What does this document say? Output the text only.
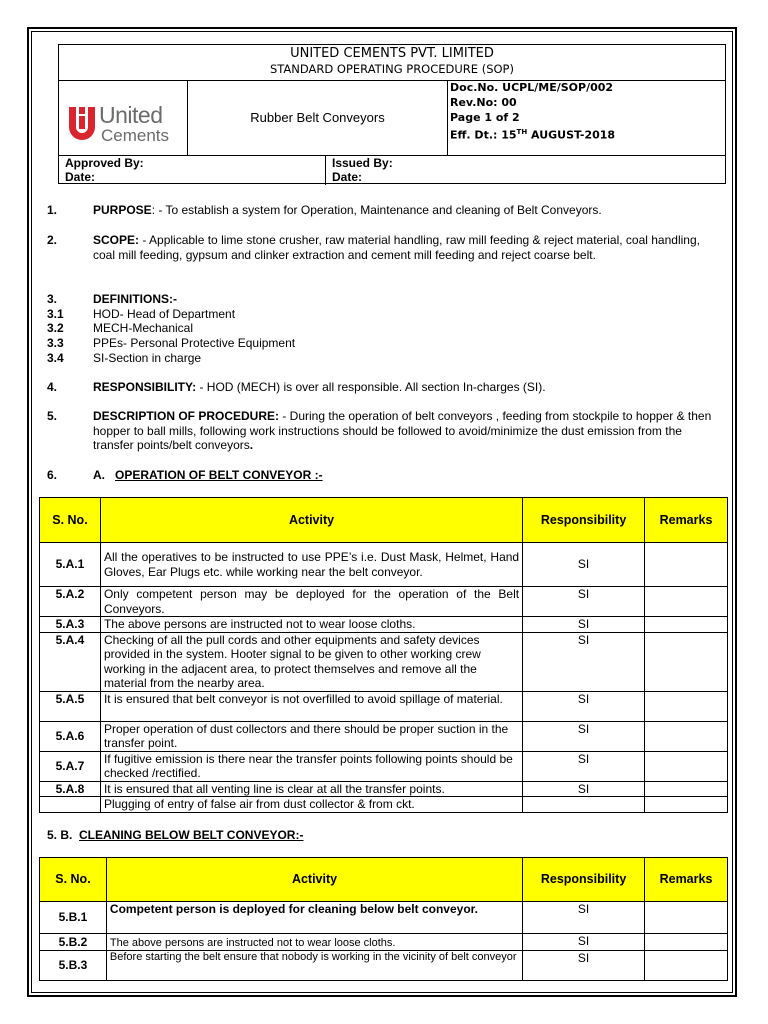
UNITED CEMENTS PVT. LIMITED
STANDARD OPERATING PROCEDURE (SOP)
United
Cements
Rubber Belt Conveyors
Doc.No. UCPL/ME/SOP/002
Rev.No: 00
Page 1 of 2
Eff. Dt.: 15TH AUGUST-2018
Approved By:
Date:
Issued By:
Date:
1.	PURPOSE: - To establish a system for Operation, Maintenance and cleaning of Belt Conveyors.
2.	SCOPE: - Applicable to lime stone crusher, raw material handling, raw mill feeding & reject material, coal handling, coal mill feeding, gypsum and clinker extraction and cement mill feeding and reject coarse belt.
3.	DEFINITIONS:-
3.1 HOD- Head of Department
3.2 MECH-Mechanical
3.3 PPEs- Personal Protective Equipment
3.4 SI-Section in charge
4.	RESPONSIBILITY: - HOD (MECH) is over all responsible. All section In-charges (SI).
5.	DESCRIPTION OF PROCEDURE: - During the operation of belt conveyors , feeding from stockpile to hopper & then hopper to ball mills, following work instructions should be followed to avoid/minimize the dust emission from the transfer points/belt conveyors.
6.	A. OPERATION OF BELT CONVEYOR :-
S. No.	Activity	Responsibility	Remarks
5.A.1	All the operatives to be instructed to use PPE’s i.e. Dust Mask, Helmet, Hand Gloves, Ear Plugs etc. while working near the belt conveyor.	SI	
5.A.2	Only competent person may be deployed for the operation of the Belt Conveyors.	SI	
5.A.3	The above persons are instructed not to wear loose cloths.	SI	
5.A.4	Checking of all the pull cords and other equipments and safety devices provided in the system. Hooter signal to be given to other working crew working in the adjacent area, to protect themselves and remove all the material from the nearby area.	SI	
5.A.5	It is ensured that belt conveyor is not overfilled to avoid spillage of material.	SI	
5.A.6	Proper operation of dust collectors and there should be proper suction in the transfer point.	SI	
5.A.7	If fugitive emission is there near the transfer points following points should be checked /rectified.	SI	
5.A.8	It is ensured that all venting line is clear at all the transfer points.	SI	
	Plugging of entry of false air from dust collector & from ckt.		
5. B. CLEANING BELOW BELT CONVEYOR:-
S. No.	Activity	Responsibility	Remarks
5.B.1	Competent person is deployed for cleaning below belt conveyor.	SI	
5.B.2	The above persons are instructed not to wear loose cloths.	SI	
5.B.3	Before starting the belt ensure that nobody is working in the vicinity of belt conveyor	SI	
